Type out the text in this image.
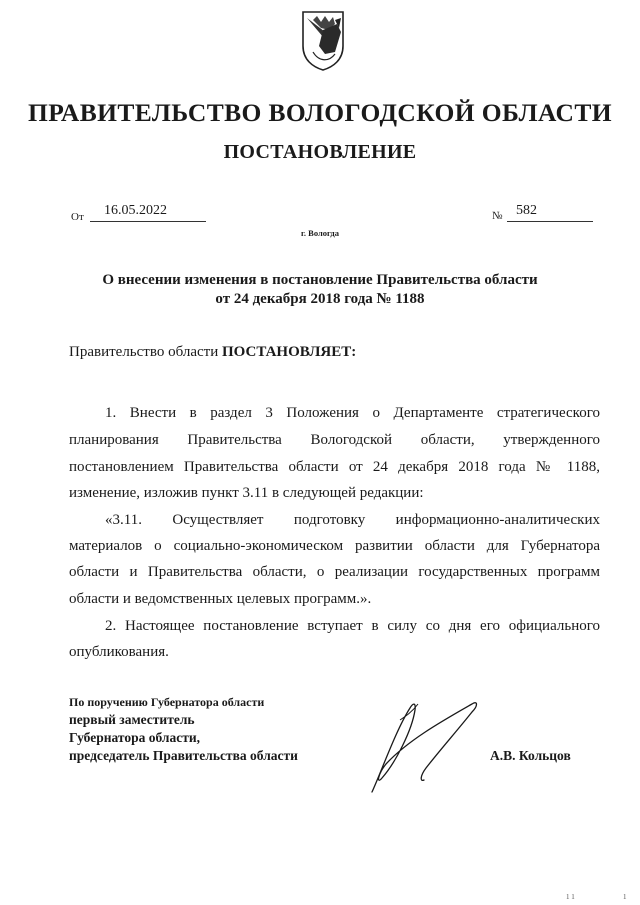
ПРАВИТЕЛЬСТВО ВОЛОГОДСКОЙ ОБЛАСТИ
ПОСТАНОВЛЕНИЕ
От 16.05.2022	№ 582
г. Вологда
О внесении изменения в постановление Правительства области
от 24 декабря 2018 года № 1188
Правительство области ПОСТАНОВЛЯЕТ:
1. Внести в раздел 3 Положения о Департаменте стратегического
планирования Правительства Вологодской области, утвержденного
постановлением Правительства области от 24 декабря 2018 года № 1188,
изменение, изложив пункт 3.11 в следующей редакции:
«3.11. Осуществляет подготовку информационно-аналитических
материалов о социально-экономическом развитии области для Губернатора
области и Правительства области, о реализации государственных программ
области и ведомственных целевых программ.».
2. Настоящее постановление вступает в силу со дня его официального
опубликования.
По поручению Губернатора области
первый заместитель
Губернатора области,
председатель Правительства области	А.В. Кольцов
1 1	1
